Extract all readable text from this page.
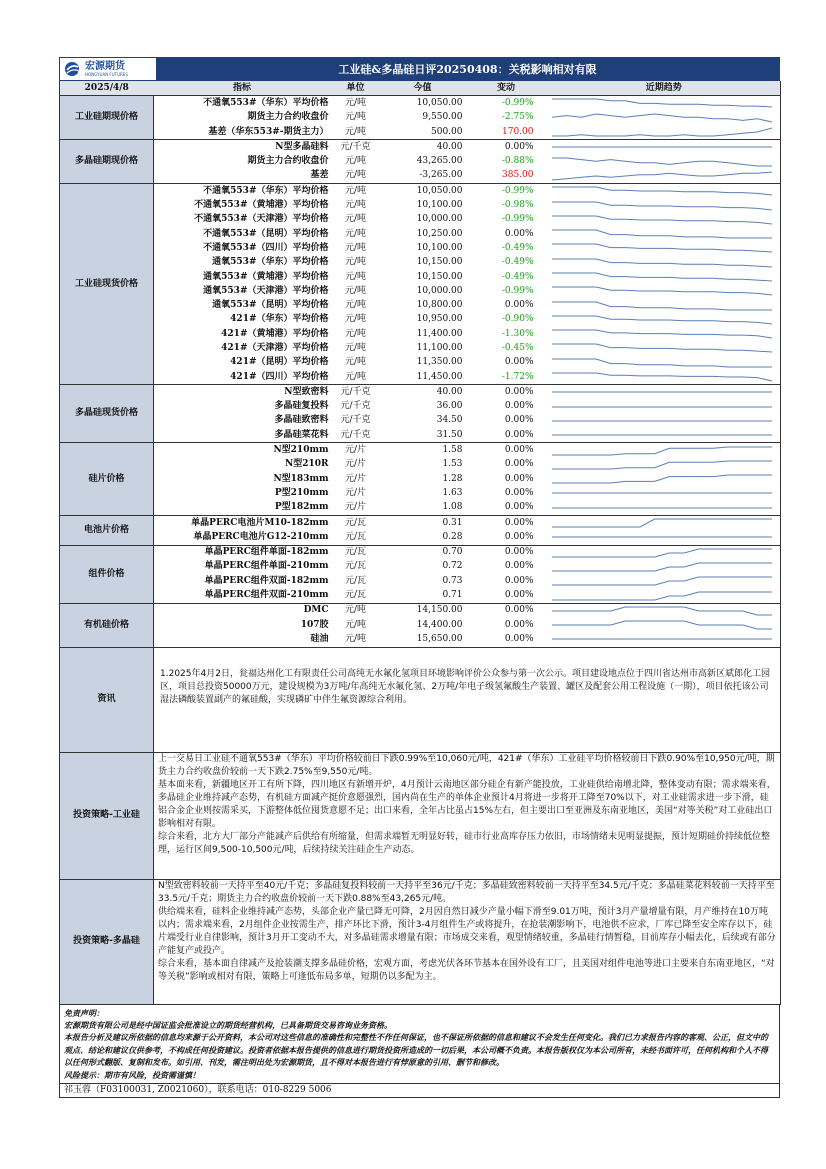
宏源期货
HONGYUAN FUTURES	工业硅&多晶硅日评20250408：关税影响相对有限
2025/4/8	指标	单位	今值	变动	近期趋势
工业硅期现价格	不通氧553#（华东）平均价格	元/吨	10,050.00	-0.99%	

	期货主力合约收盘价	元/吨	9,550.00	-2.75%	

	基差（华东553#-期货主力）	元/吨	500.00	170.00	

多晶硅期现价格	N型多晶硅料	元/千克	40.00	0.00%	

	期货主力合约收盘价	元/吨	43,265.00	-0.88%	

	基差	元/吨	-3,265.00	385.00	

工业硅现货价格	不通氧553#（华东）平均价格	元/吨	10,050.00	-0.99%	

	不通氧553#（黄埔港）平均价格	元/吨	10,100.00	-0.98%	

	不通氧553#（天津港）平均价格	元/吨	10,000.00	-0.99%	

	不通氧553#（昆明）平均价格	元/吨	10,250.00	0.00%	

	不通氧553#（四川）平均价格	元/吨	10,100.00	-0.49%	

	通氧553#（华东）平均价格	元/吨	10,150.00	-0.49%	

	通氧553#（黄埔港）平均价格	元/吨	10,150.00	-0.49%	

	通氧553#（天津港）平均价格	元/吨	10,000.00	-0.99%	

	通氧553#（昆明）平均价格	元/吨	10,800.00	0.00%	

	421#（华东）平均价格	元/吨	10,950.00	-0.90%	

	421#（黄埔港）平均价格	元/吨	11,400.00	-1.30%	

	421#（天津港）平均价格	元/吨	11,100.00	-0.45%	

	421#（昆明）平均价格	元/吨	11,350.00	0.00%	

	421#（四川）平均价格	元/吨	11,450.00	-1.72%	

多晶硅现货价格	N型致密料	元/千克	40.00	0.00%	

	多晶硅复投料	元/千克	36.00	0.00%	

	多晶硅致密料	元/千克	34.50	0.00%	

	多晶硅菜花料	元/千克	31.50	0.00%	

硅片价格	N型210mm	元/片	1.58	0.00%	

	N型210R	元/片	1.53	0.00%	

	N型183mm	元/片	1.28	0.00%	

	P型210mm	元/片	1.63	0.00%	

	P型182mm	元/片	1.08	0.00%	

电池片价格	单晶PERC电池片M10-182mm	元/瓦	0.31	0.00%	

	单晶PERC电池片G12-210mm	元/瓦	0.28	0.00%	

组件价格	单晶PERC组件单面-182mm	元/瓦	0.70	0.00%	

	单晶PERC组件单面-210mm	元/瓦	0.72	0.00%	

	单晶PERC组件双面-182mm	元/瓦	0.73	0.00%	

	单晶PERC组件双面-210mm	元/瓦	0.71	0.00%	

有机硅价格	DMC	元/吨	14,150.00	0.00%	

	107胶	元/吨	14,400.00	0.00%	

	硅油	元/吨	15,650.00	0.00%	

资讯	1.2025年4月2日，瓮福达州化工有限责任公司高纯无水氟化氢项目环境影响评价公众参与第一次公示。项目建设地点位于四川省达州市高新区斌郎化工园区，项目总投资50000万元，建设规模为3万吨/年高纯无水氟化氢、2万吨/年电子级氢氟酸生产装置、罐区及配套公用工程设施（一期），项目依托该公司湿法磷酸装置副产的氟硅酸，实现磷矿中伴生氟资源综合利用。				
投资策略-工业硅	上一交易日工业硅不通氧553#（华东）平均价格较前日下跌0.99%至10,060元/吨，421#（华东）工业硅平均价格较前日下跌0.90%至10,950元/吨，期货主力合约收盘价较前一天下跌2.75%至9,550元/吨。
基本面来看，新疆地区开工有所下降，四川地区有新增开炉，4月预计云南地区部分硅企有新产能投放，工业硅供给南增北降，整体变动有限；需求端来看，多晶硅企业维持减产态势，有机硅方面减产挺价意愿强烈，国内尚在生产的单体企业预计4月将进一步将开工降至70%以下，对工业硅需求进一步下滑，硅铝合金企业则按需采买，下游整体低位囤货意愿不足；出口来看，全年占比虽占15%左右，但主要出口至亚洲及东南亚地区，美国“对等关税”对工业硅出口影响相对有限。
综合来看，北方大厂部分产能减产后供给有所缩量，但需求端暂无明显好转，硅市行业高库存压力依旧，市场情绪未见明显提振，预计短期硅价持续低位整理，运行区间9,500-10,500元/吨，后续持续关注硅企生产动态。				

投资策略-多晶硅	N型致密料较前一天持平至40元/千克；多晶硅复投料较前一天持平至36元/千克；多晶硅致密料较前一天持平至34.5元/千克；多晶硅菜花料较前一天持平至33.5元/千克；期货主力合约收盘价较前一天下跌0.88%至43,265元/吨。
供给端来看，硅料企业维持减产态势，头部企业产量已降无可降，2月因自然日减少产量小幅下滑至9.01万吨，预计3月产量增量有限，月产维持在10万吨以内；需求端来看，2月组件企业按需生产，排产环比下滑，预计3-4月组件生产或将提升，在抢装潮影响下，电池供不应求，厂库已降至安全库存以下，硅片端受行业自律影响，预计3月开工变动不大，对多晶硅需求增量有限；市场成交来看，观望情绪较重，多晶硅行情暂稳，目前库存小幅去化，后续或有部分产能复产或投产。
综合来看，基本面自律减产及抢装潮支撑多晶硅价格，宏观方面，考虑光伏各环节基本在国外设有工厂，且美国对组件电池等进口主要来自东南亚地区，“对等关税”影响或相对有限，策略上可逢低布局多单，短期仍以多配为主。				
免责声明：
宏源期货有限公司是经中国证监会批准设立的期货经营机构，已具备期货交易咨询业务资格。
本报告分析及建议所依据的信息均来源于公开资料，本公司对这些信息的准确性和完整性不作任何保证，也不保证所依据的信息和建议不会发生任何变化。我们已力求报告内容的客观、公正，但文中的观点、结论和建议仅供参考，不构成任何投资建议。投资者依据本报告提供的信息进行期货投资所造成的一切后果，本公司概不负责。本报告版权仅为本公司所有，未经书面许可，任何机构和个人不得以任何形式翻版、复制和发布。如引用、刊发，需注明出处为宏源期货，且不得对本报告进行有悖原意的引用、删节和修改。
风险提示：期市有风险，投资需谨慎！
祁玉蓉（F03100031, Z0021060），联系电话：010-8229 5006
